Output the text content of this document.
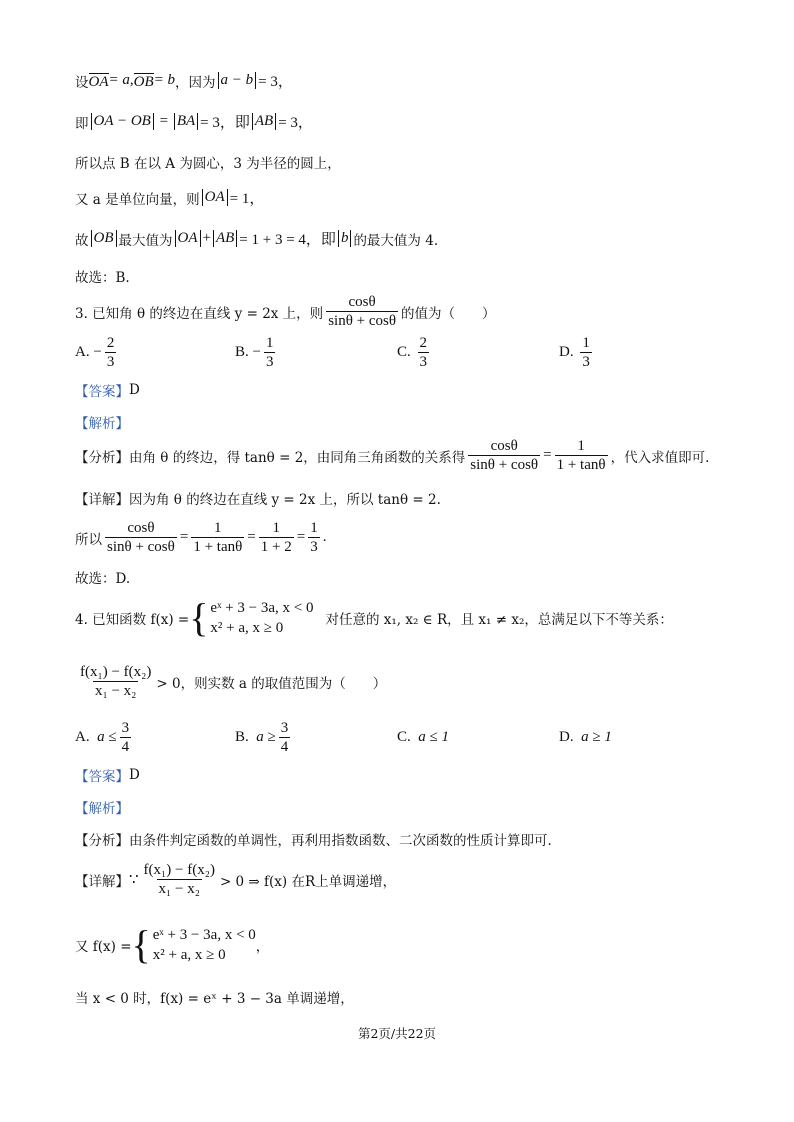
设 OA = a, OB = b ，因为 a − b = 3，
即 OA − OB = BA = 3，即 AB = 3，
所以点 B 在以 A 为圆心，3 为半径的圆上，
又 a 是单位向量，则 OA = 1，
故 OB 最大值为 OA + AB = 1 + 3 = 4，即 b 的最大值为 4.
故选：B.
3. 已知角 θ 的终边在直线 y = 2x 上，则 $\frac{\cos\theta}{\sin\theta + \cos\theta}$ 的值为（　　）
A.
− $\frac{2}{3}$	B.
− $\frac{1}{3}$	C.
$\frac{2}{3}$	D.
$\frac{1}{3}$
【答案】 D
【解析】
【分析】 由角 θ 的终边，得 tanθ = 2，由同角三角函数的关系得 $\frac{\cos\theta}{\sin\theta + \cos\theta} = \frac{1}{1 + \tan\theta}$ ，代入求值即可.
【详解】 因为角 θ 的终边在直线 y = 2x 上，所以 tanθ = 2.
所以 $\frac{\cos\theta}{\sin\theta + \cos\theta} = \frac{1}{1 + \tan\theta} = \frac{1}{1 + 2} = \frac{1}{3}$ .
故选：D.
4. 已知函数 f(x) = { eˣ + 3 − 3a, x < 0
x² + a, x ≥ 0	对任意的 x₁, x₂ ∈ R，且 x₁ ≠ x₂，总满足以下不等关系：
$\frac{\text{f(x₁) − f(x₂)}}{\text{x₁ − x₂}} > 0$，则实数 a 的取值范围为（　　）
A.
$a \le \frac{3}{4}$	B.
$a \ge \frac{3}{4}$	C.
a ≤ 1	D.
a ≥ 1
【答案】 D
【解析】
【分析】 由条件判定函数的单调性，再利用指数函数、二次函数的性质计算即可.
【详解】 ∵ $\frac{\text{f(x₁) − f(x₂)}}{\text{x₁ − x₂}} > 0$ ⇒ f(x) 在R上单调递增，
又 f(x) = { eˣ + 3 − 3a, x < 0
x² + a, x ≥ 0	，
当 x < 0 时，f(x) = eˣ + 3 − 3a 单调递增，
第2页/共22页
